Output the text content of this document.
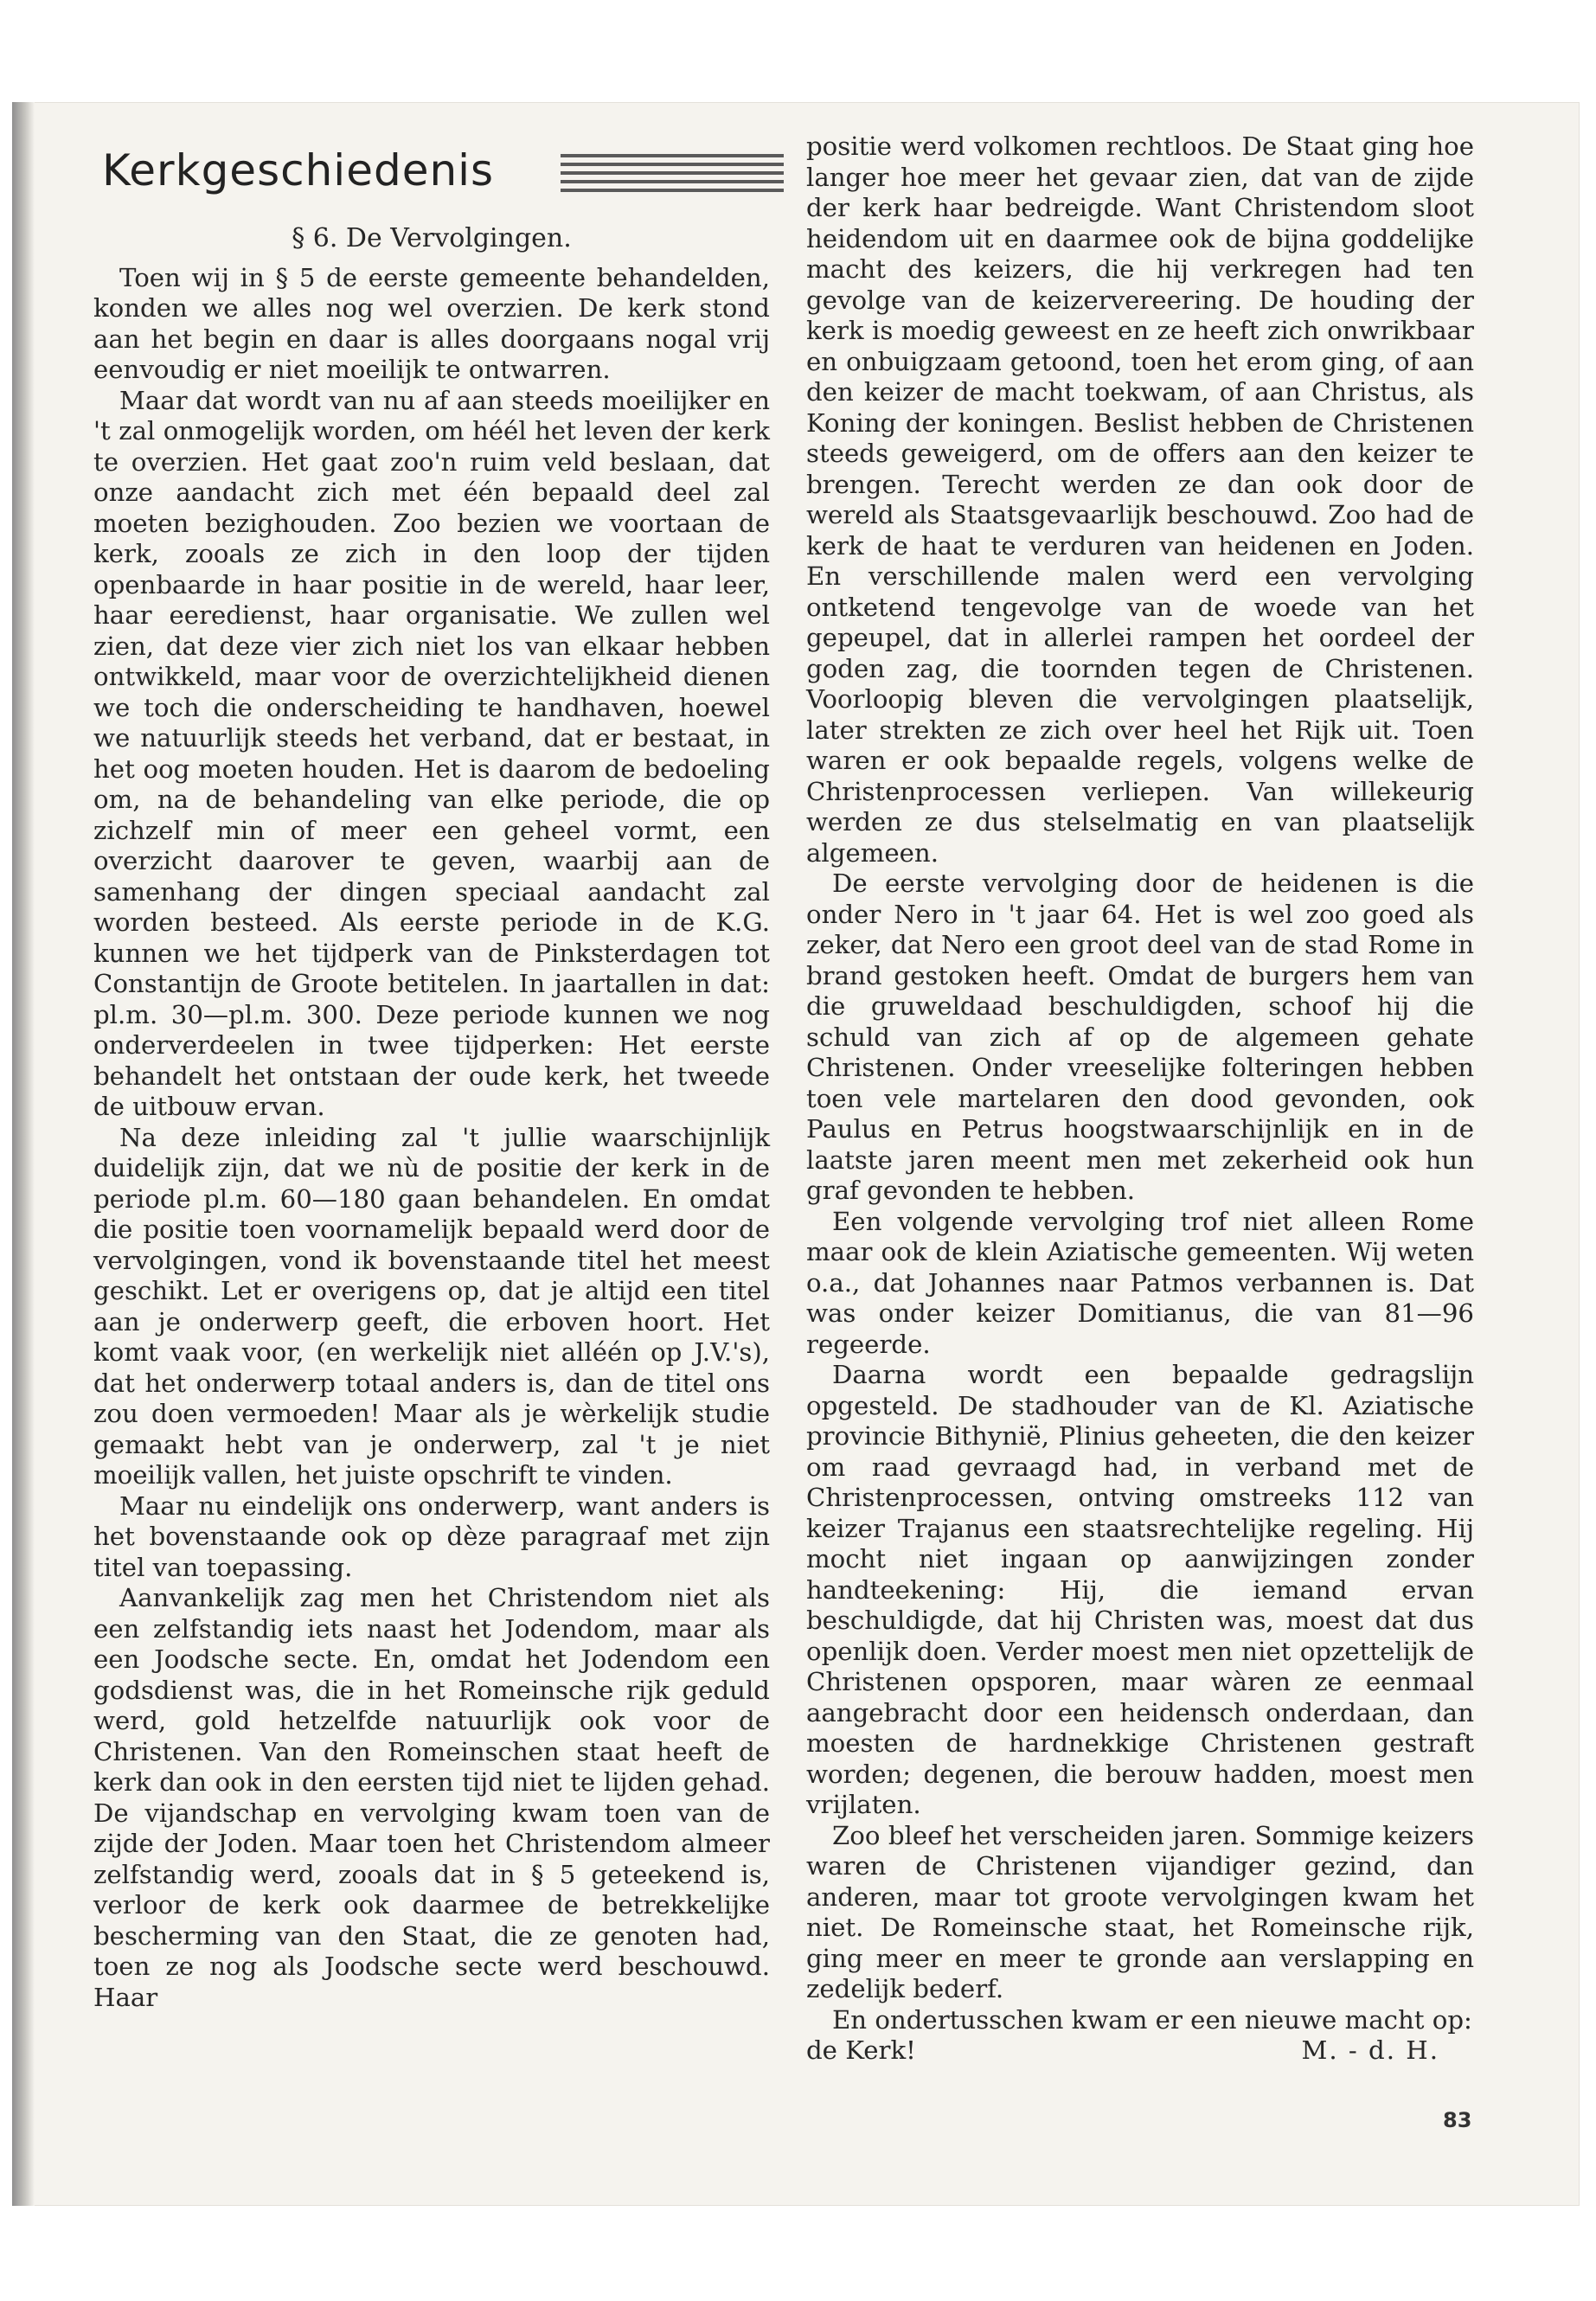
Kerkgeschiedenis

§ 6. De Vervolgingen.

Toen wij in § 5 de eerste gemeente behandelden, konden we alles nog wel overzien. De kerk stond aan het begin en daar is alles doorgaans nogal vrij eenvoudig er niet moeilijk te ontwarren.

Maar dat wordt van nu af aan steeds moeilijker en 't zal onmogelijk worden, om héél het leven der kerk te overzien. Het gaat zoo'n ruim veld beslaan, dat onze aandacht zich met één bepaald deel zal moeten bezighouden. Zoo bezien we voortaan de kerk, zooals ze zich in den loop der tijden openbaarde in haar positie in de wereld, haar leer, haar eeredienst, haar organisatie. We zullen wel zien, dat deze vier zich niet los van elkaar hebben ontwikkeld, maar voor de overzichtelijkheid dienen we toch die onderscheiding te handhaven, hoewel we natuurlijk steeds het verband, dat er bestaat, in het oog moeten houden. Het is daarom de bedoeling om, na de behandeling van elke periode, die op zichzelf min of meer een geheel vormt, een overzicht daarover te geven, waarbij aan de samenhang der dingen speciaal aandacht zal worden besteed. Als eerste periode in de K.G. kunnen we het tijdperk van de Pinksterdagen tot Constantijn de Groote betitelen. In jaartallen in dat: pl.m. 30—pl.m. 300. Deze periode kunnen we nog onderverdeelen in twee tijdperken: Het eerste behandelt het ontstaan der oude kerk, het tweede de uitbouw ervan.

Na deze inleiding zal 't jullie waarschijnlijk duidelijk zijn, dat we nù de positie der kerk in de periode pl.m. 60—180 gaan behandelen. En omdat die positie toen voornamelijk bepaald werd door de vervolgingen, vond ik bovenstaande titel het meest geschikt. Let er overigens op, dat je altijd een titel aan je onderwerp geeft, die erboven hoort. Het komt vaak voor, (en werkelijk niet alléén op J.V.'s), dat het onderwerp totaal anders is, dan de titel ons zou doen vermoeden! Maar als je wèrkelijk studie gemaakt hebt van je onderwerp, zal 't je niet moeilijk vallen, het juiste opschrift te vinden.

Maar nu eindelijk ons onderwerp, want anders is het bovenstaande ook op dèze paragraaf met zijn titel van toepassing.

Aanvankelijk zag men het Christendom niet als een zelfstandig iets naast het Jodendom, maar als een Joodsche secte. En, omdat het Jodendom een godsdienst was, die in het Romeinsche rijk geduld werd, gold hetzelfde natuurlijk ook voor de Christenen. Van den Romeinschen staat heeft de kerk dan ook in den eersten tijd niet te lijden gehad. De vijandschap en vervolging kwam toen van de zijde der Joden. Maar toen het Christendom almeer zelfstandig werd, zooals dat in § 5 geteekend is, verloor de kerk ook daarmee de betrekkelijke bescherming van den Staat, die ze genoten had, toen ze nog als Joodsche secte werd beschouwd. Haar

positie werd volkomen rechtloos. De Staat ging hoe langer hoe meer het gevaar zien, dat van de zijde der kerk haar bedreigde. Want Christendom sloot heidendom uit en daarmee ook de bijna goddelijke macht des keizers, die hij verkregen had ten gevolge van de keizervereering. De houding der kerk is moedig geweest en ze heeft zich onwrikbaar en onbuigzaam getoond, toen het erom ging, of aan den keizer de macht toekwam, of aan Christus, als Koning der koningen. Beslist hebben de Christenen steeds geweigerd, om de offers aan den keizer te brengen. Terecht werden ze dan ook door de wereld als Staatsgevaarlijk beschouwd. Zoo had de kerk de haat te verduren van heidenen en Joden. En verschillende malen werd een vervolging ontketend tengevolge van de woede van het gepeupel, dat in allerlei rampen het oordeel der goden zag, die toornden tegen de Christenen. Voorloopig bleven die vervolgingen plaatselijk, later strekten ze zich over heel het Rijk uit. Toen waren er ook bepaalde regels, volgens welke de Christenprocessen verliepen. Van willekeurig werden ze dus stelselmatig en van plaatselijk algemeen.

De eerste vervolging door de heidenen is die onder Nero in 't jaar 64. Het is wel zoo goed als zeker, dat Nero een groot deel van de stad Rome in brand gestoken heeft. Omdat de burgers hem van die gruweldaad beschuldigden, schoof hij die schuld van zich af op de algemeen gehate Christenen. Onder vreeselijke folteringen hebben toen vele martelaren den dood gevonden, ook Paulus en Petrus hoogstwaarschijnlijk en in de laatste jaren meent men met zekerheid ook hun graf gevonden te hebben.

Een volgende vervolging trof niet alleen Rome maar ook de klein Aziatische gemeenten. Wij weten o.a., dat Johannes naar Patmos verbannen is. Dat was onder keizer Domitianus, die van 81—96 regeerde.

Daarna wordt een bepaalde gedragslijn opgesteld. De stadhouder van de Kl. Aziatische provincie Bithynië, Plinius geheeten, die den keizer om raad gevraagd had, in verband met de Christenprocessen, ontving omstreeks 112 van keizer Trajanus een staatsrechtelijke regeling. Hij mocht niet ingaan op aanwijzingen zonder handteekening: Hij, die iemand ervan beschuldigde, dat hij Christen was, moest dat dus openlijk doen. Verder moest men niet opzettelijk de Christenen opsporen, maar wàren ze eenmaal aangebracht door een heidensch onderdaan, dan moesten de hardnekkige Christenen gestraft worden; degenen, die berouw hadden, moest men vrijlaten.

Zoo bleef het verscheiden jaren. Sommige keizers waren de Christenen vijandiger gezind, dan anderen, maar tot groote vervolgingen kwam het niet. De Romeinsche staat, het Romeinsche rijk, ging meer en meer te gronde aan verslapping en zedelijk bederf.

En ondertusschen kwam er een nieuwe macht op:

de Kerk!	M. - d. H.

83
